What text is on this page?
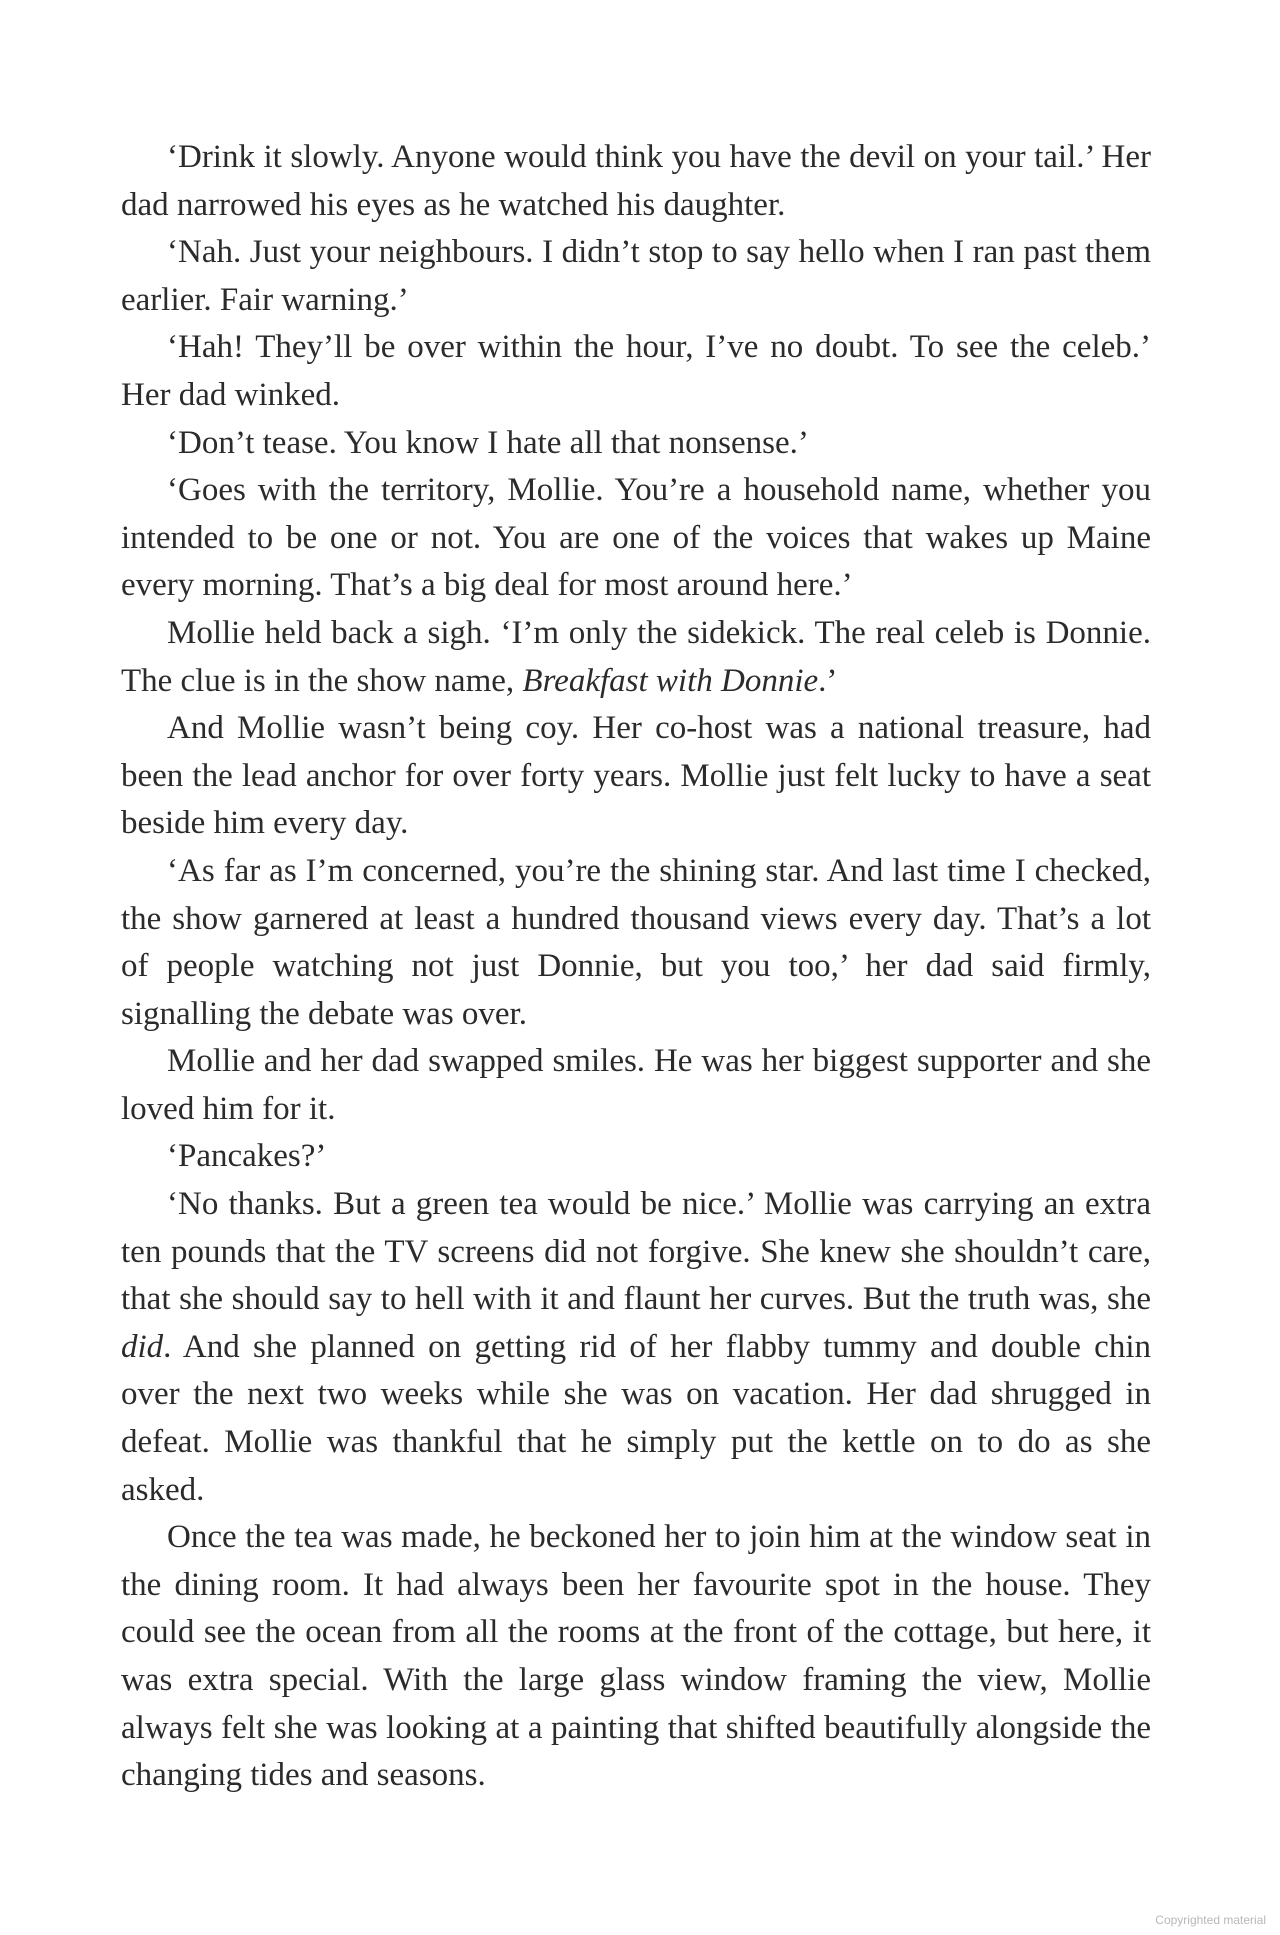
‘Drink it slowly. Anyone would think you have the devil on your tail.’ Her dad narrowed his eyes as he watched his daughter.

‘Nah. Just your neighbours. I didn’t stop to say hello when I ran past them earlier. Fair warning.’

‘Hah! They’ll be over within the hour, I’ve no doubt. To see the celeb.’ Her dad winked.

‘Don’t tease. You know I hate all that nonsense.’

‘Goes with the territory, Mollie. You’re a household name, whether you intended to be one or not. You are one of the voices that wakes up Maine every morning. That’s a big deal for most around here.’

Mollie held back a sigh. ‘I’m only the sidekick. The real celeb is Donnie. The clue is in the show name, Breakfast with Donnie.’

And Mollie wasn’t being coy. Her co-host was a national treasure, had been the lead anchor for over forty years. Mollie just felt lucky to have a seat beside him every day.

‘As far as I’m concerned, you’re the shining star. And last time I checked, the show garnered at least a hundred thousand views every day. That’s a lot of people watching not just Donnie, but you too,’ her dad said firmly, signalling the debate was over.

Mollie and her dad swapped smiles. He was her biggest supporter and she loved him for it.

‘Pancakes?’

‘No thanks. But a green tea would be nice.’ Mollie was carrying an extra ten pounds that the TV screens did not forgive. She knew she shouldn’t care, that she should say to hell with it and flaunt her curves. But the truth was, she did. And she planned on getting rid of her flabby tummy and double chin over the next two weeks while she was on vacation. Her dad shrugged in defeat. Mollie was thankful that he simply put the kettle on to do as she asked.

Once the tea was made, he beckoned her to join him at the window seat in the dining room. It had always been her favourite spot in the house. They could see the ocean from all the rooms at the front of the cottage, but here, it was extra special. With the large glass window framing the view, Mollie always felt she was looking at a painting that shifted beautifully alongside the changing tides and seasons.

Copyrighted material
